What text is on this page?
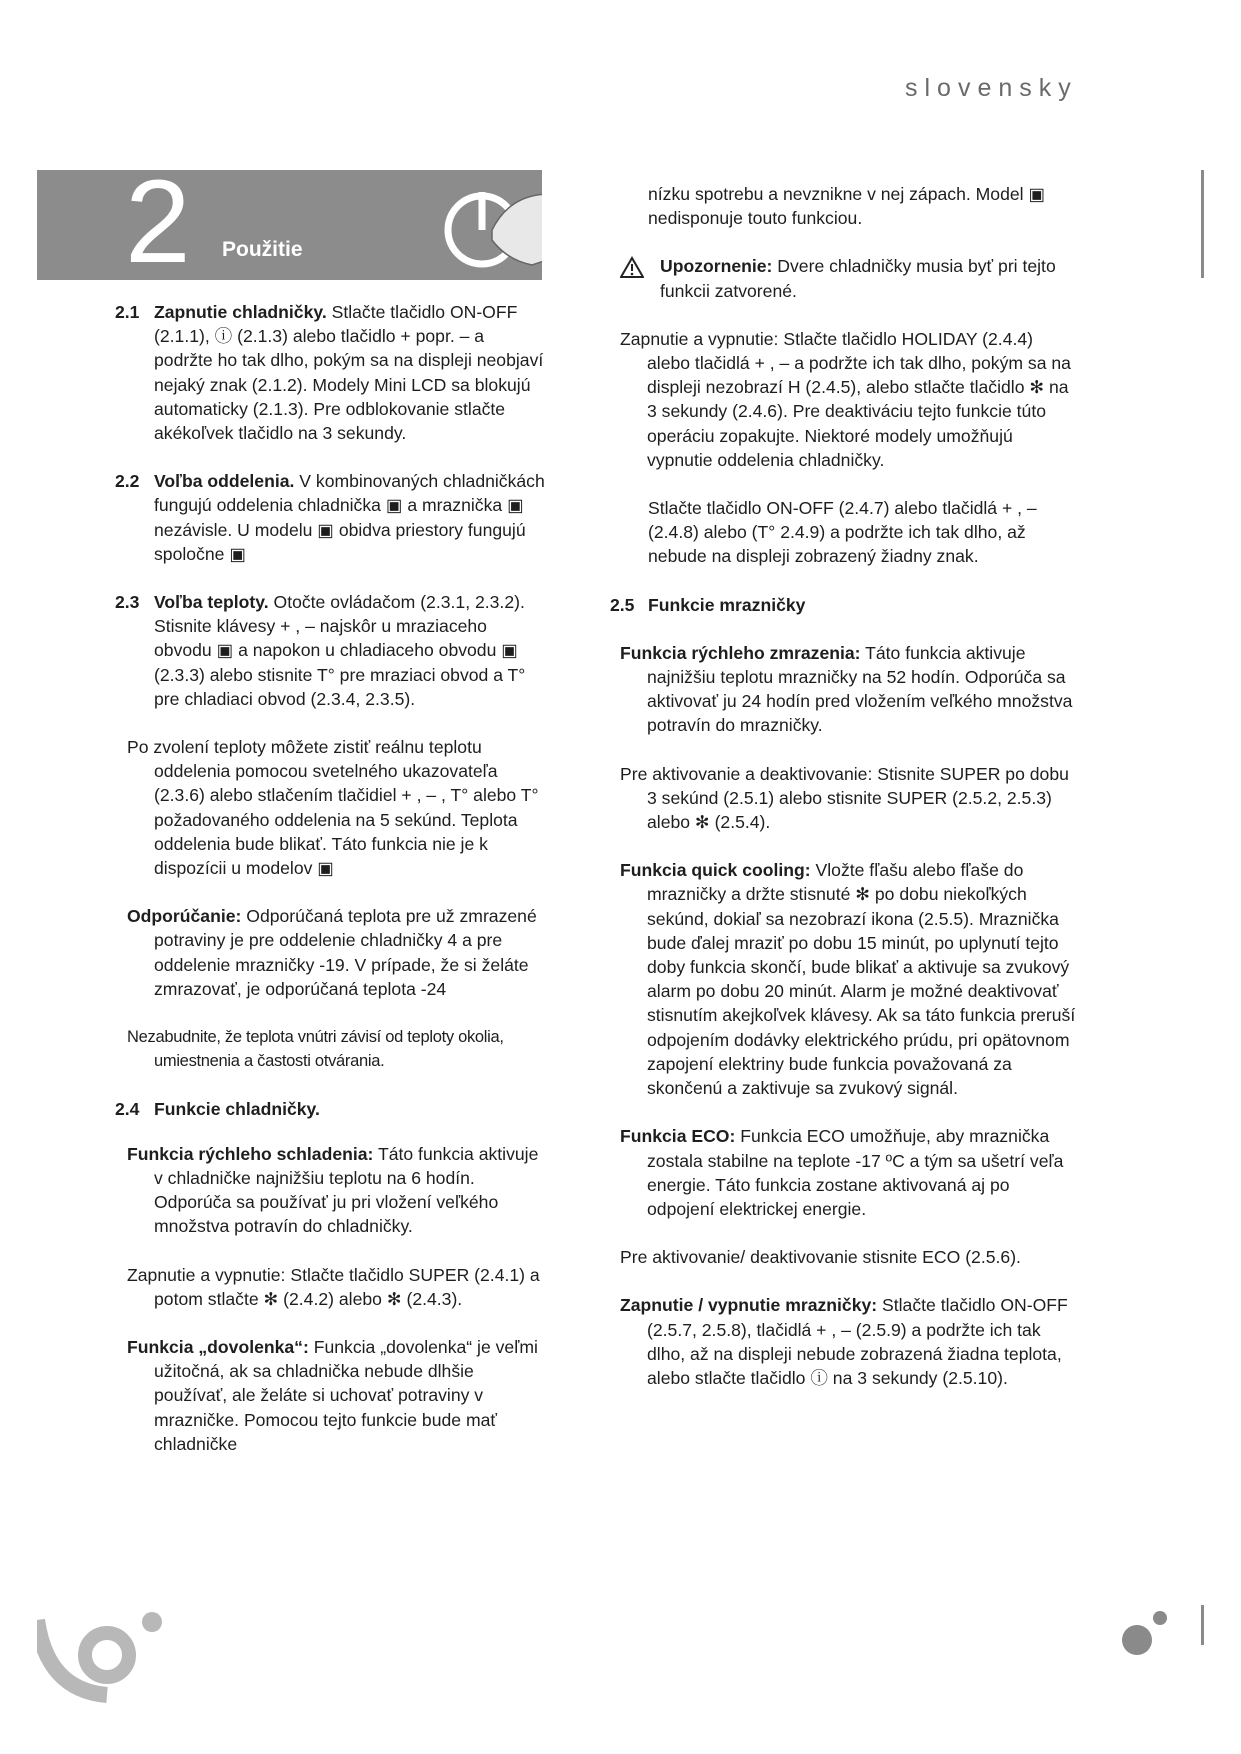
slovensky
2 Použitie
2.1 Zapnutie chladničky. Stlačte tlačidlo ON-OFF (2.1.1), ⓘ (2.1.3) alebo tlačidlo + popr. – a podržte ho tak dlho, pokým sa na displeji neobjaví nejaký znak (2.1.2). Modely Mini LCD sa blokujú automaticky (2.1.3). Pre odblokovanie stlačte akékoľvek tlačidlo na 3 sekundy.
2.2 Voľba oddelenia. V kombinovaných chladničkách fungujú oddelenia chladnička ▣ a mraznička ▣ nezávisle. U modelu ▣ obidva priestory fungujú spoločne ▣
2.3 Voľba teploty. Otočte ovládačom (2.3.1, 2.3.2). Stisnite klávesy + , – najskôr u mraziaceho obvodu ▣ a napokon u chladiaceho obvodu ▣ (2.3.3) alebo stisnite T° pre mraziaci obvod a T° pre chladiaci obvod (2.3.4, 2.3.5).

Po zvolení teploty môžete zistiť reálnu teplotu oddelenia pomocou svetelného ukazovateľa (2.3.6) alebo stlačením tlačidiel + , – , T° alebo T° požadovaného oddelenia na 5 sekúnd. Teplota oddelenia bude blikať. Táto funkcia nie je k dispozícii u modelov ▣

Odporúčanie: Odporúčaná teplota pre už zmrazené potraviny je pre oddelenie chladničky 4 a pre oddelenie mrazničky -19. V prípade, že si želáte zmrazovať, je odporúčaná teplota -24

Nezabudnite, že teplota vnútri závisí od teploty okolia, umiestnenia a častosti otvárania.

2.4 Funkcie chladničky.

Funkcia rýchleho schladenia: Táto funkcia aktivuje v chladničke najnižšiu teplotu na 6 hodín. Odporúča sa používať ju pri vložení veľkého množstva potravín do chladničky.

Zapnutie a vypnutie: Stlačte tlačidlo SUPER (2.4.1) a potom stlačte ✻ (2.4.2) alebo ✻ (2.4.3).

Funkcia „dovolenka“: Funkcia „dovolenka“ je veľmi užitočná, ak sa chladnička nebude dlhšie používať, ale želáte si uchovať potraviny v mrazničke. Pomocou tejto funkcie bude mať chladničke

nízku spotrebu a nevznikne v nej zápach. Model ▣ nedisponuje touto funkciou.

Upozornenie: Dvere chladničky musia byť pri tejto funkcii zatvorené.

Zapnutie a vypnutie: Stlačte tlačidlo HOLIDAY (2.4.4) alebo tlačidlá + , – a podržte ich tak dlho, pokým sa na displeji nezobrazí H (2.4.5), alebo stlačte tlačidlo ✻ na 3 sekundy (2.4.6). Pre deaktiváciu tejto funkcie túto operáciu zopakujte. Niektoré modely umožňujú vypnutie oddelenia chladničky.

Stlačte tlačidlo ON-OFF (2.4.7) alebo tlačidlá + , – (2.4.8) alebo (T° 2.4.9) a podržte ich tak dlho, až nebude na displeji zobrazený žiadny znak.

2.5 Funkcie mrazničky

Funkcia rýchleho zmrazenia: Táto funkcia aktivuje najnižšiu teplotu mrazničky na 52 hodín. Odporúča sa aktivovať ju 24 hodín pred vložením veľkého množstva potravín do mrazničky.

Pre aktivovanie a deaktivovanie: Stisnite SUPER po dobu 3 sekúnd (2.5.1) alebo stisnite SUPER (2.5.2, 2.5.3) alebo ✻ (2.5.4).

Funkcia quick cooling: Vložte fľašu alebo fľaše do mrazničky a držte stisnuté ✻ po dobu niekoľkých sekúnd, dokiaľ sa nezobrazí ikona (2.5.5). Mraznička bude ďalej mraziť po dobu 15 minút, po uplynutí tejto doby funkcia skončí, bude blikať a aktivuje sa zvukový alarm po dobu 20 minút. Alarm je možné deaktivovať stisnutím akejkoľvek klávesy. Ak sa táto funkcia preruší odpojením dodávky elektrického prúdu, pri opätovnom zapojení elektriny bude funkcia považovaná za skončenú a zaktivuje sa zvukový signál.

Funkcia ECO: Funkcia ECO umožňuje, aby mraznička zostala stabilne na teplote -17 ºC a tým sa ušetrí veľa energie. Táto funkcia zostane aktivovaná aj po odpojení elektrickej energie.

Pre aktivovanie/ deaktivovanie stisnite ECO (2.5.6).

Zapnutie / vypnutie mrazničky: Stlačte tlačidlo ON-OFF (2.5.7, 2.5.8), tlačidlá + , – (2.5.9) a podržte ich tak dlho, až na displeji nebude zobrazená žiadna teplota, alebo stlačte tlačidlo ⓘ na 3 sekundy (2.5.10).
